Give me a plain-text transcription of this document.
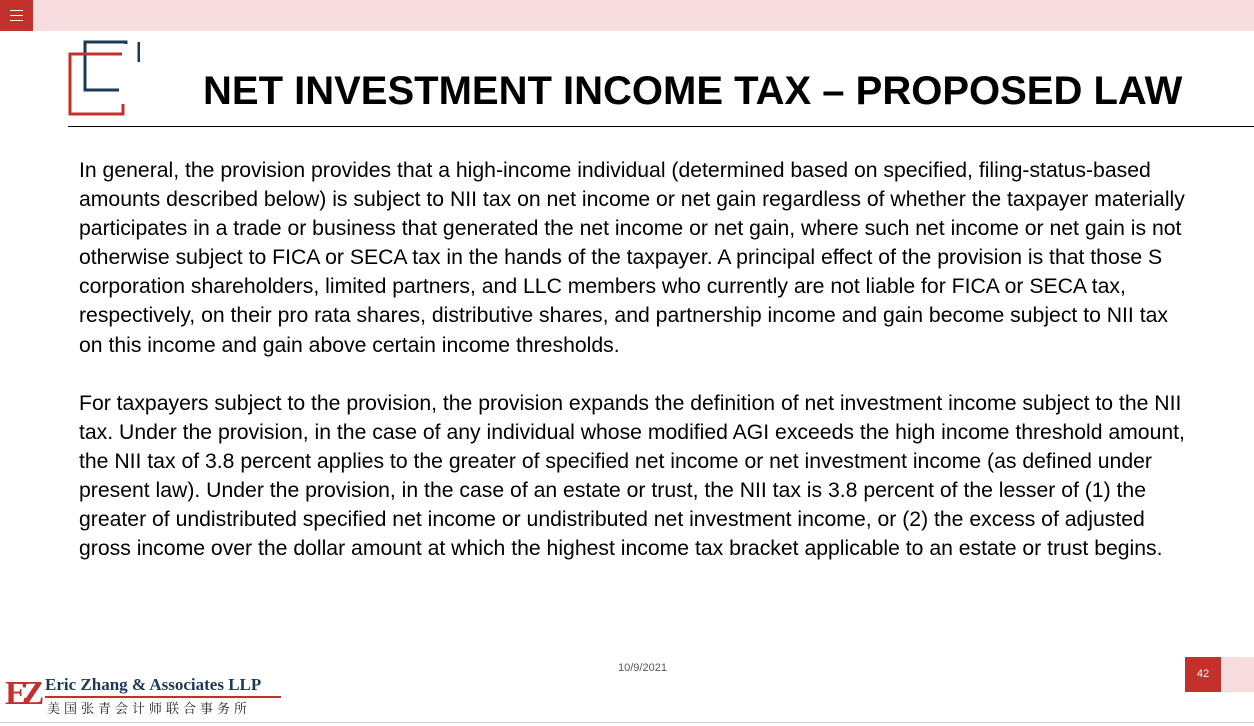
NET INVESTMENT INCOME TAX – PROPOSED LAW

In general, the provision provides that a high-income individual (determined based on specified, filing-status-based amounts described below) is subject to NII tax on net income or net gain regardless of whether the taxpayer materially participates in a trade or business that generated the net income or net gain, where such net income or net gain is not otherwise subject to FICA or SECA tax in the hands of the taxpayer. A principal effect of the provision is that those S corporation shareholders, limited partners, and LLC members who currently are not liable for FICA or SECA tax, respectively, on their pro rata shares, distributive shares, and partnership income and gain become subject to NII tax on this income and gain above certain income thresholds.

For taxpayers subject to the provision, the provision expands the definition of net investment income subject to the NII tax. Under the provision, in the case of any individual whose modified AGI exceeds the high income threshold amount, the NII tax of 3.8 percent applies to the greater of specified net income or net investment income (as defined under present law). Under the provision, in the case of an estate or trust, the NII tax is 3.8 percent of the lesser of (1) the greater of undistributed specified net income or undistributed net investment income, or (2) the excess of adjusted gross income over the dollar amount at which the highest income tax bracket applicable to an estate or trust begins.

10/9/2021
EZ Eric Zhang & Associates LLP
美国张青会计师联合事务所
42
